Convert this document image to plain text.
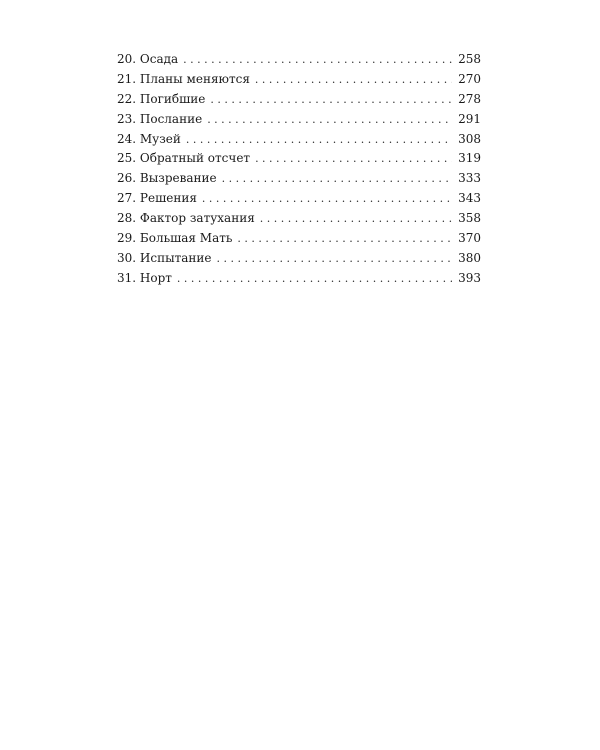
20. Осада . . .	258
21. Планы меняются . . .	270
22. Погибшие . . .	278
23. Послание . . .	291
24. Музей . . .	308
25. Обратный отсчет . . .	319
26. Вызревание . . .	333
27. Решения . . .	343
28. Фактор затухания . . .	358
29. Большая Мать . . .	370
30. Испытание . . .	380
31. Норт . . .	393
